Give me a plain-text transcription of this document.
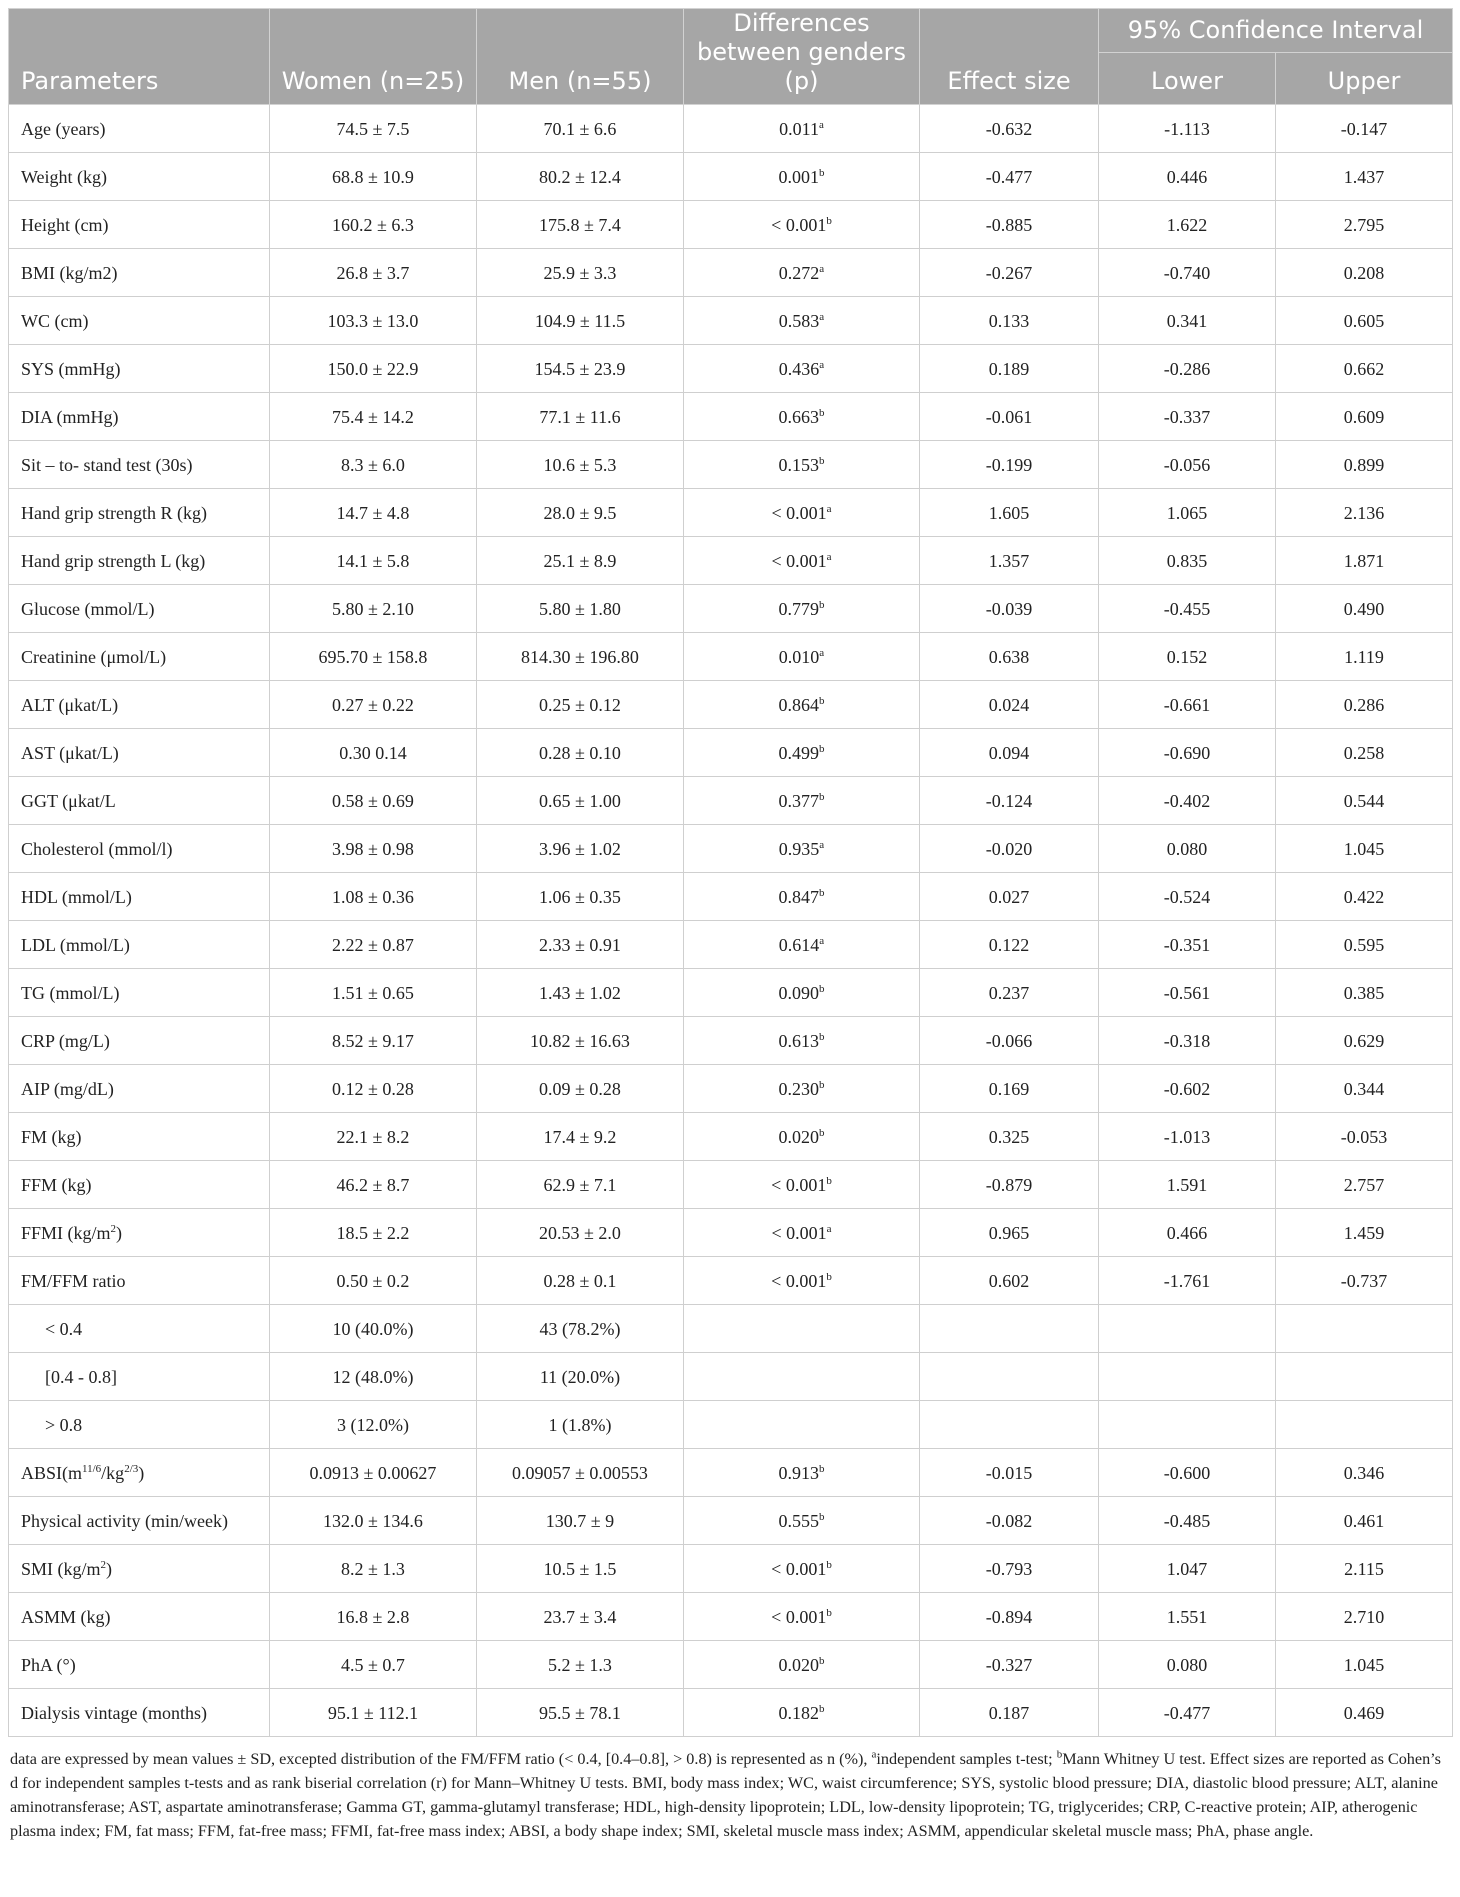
Parameters	Women (n=25)	Men (n=55)	Differences between genders (p)	Effect size	95% Confidence Interval	
					Lower	Upper
Age (years)	74.5 ± 7.5	70.1 ± 6.6	0.011$^a$	-0.632	-1.113	-0.147
Weight (kg)	68.8 ± 10.9	80.2 ± 12.4	0.001$^b$	-0.477	0.446	1.437
Height (cm)	160.2 ± 6.3	175.8 ± 7.4	< 0.001$^b$	-0.885	1.622	2.795
BMI (kg/m2)	26.8 ± 3.7	25.9 ± 3.3	0.272$^a$	-0.267	-0.740	0.208
WC (cm)	103.3 ± 13.0	104.9 ± 11.5	0.583$^a$	0.133	0.341	0.605
SYS (mmHg)	150.0 ± 22.9	154.5 ± 23.9	0.436$^a$	0.189	-0.286	0.662
DIA (mmHg)	75.4 ± 14.2	77.1 ± 11.6	0.663$^b$	-0.061	-0.337	0.609
Sit – to- stand test (30s)	8.3 ± 6.0	10.6 ± 5.3	0.153$^b$	-0.199	-0.056	0.899
Hand grip strength R (kg)	14.7 ± 4.8	28.0 ± 9.5	< 0.001$^a$	1.605	1.065	2.136
Hand grip strength L (kg)	14.1 ± 5.8	25.1 ± 8.9	< 0.001$^a$	1.357	0.835	1.871
Glucose (mmol/L)	5.80 ± 2.10	5.80 ± 1.80	0.779$^b$	-0.039	-0.455	0.490
Creatinine (μmol/L)	695.70 ± 158.8	814.30 ± 196.80	0.010$^a$	0.638	0.152	1.119
ALT (μkat/L)	0.27 ± 0.22	0.25 ± 0.12	0.864$^b$	0.024	-0.661	0.286
AST (μkat/L)	0.30 0.14	0.28 ± 0.10	0.499$^b$	0.094	-0.690	0.258
GGT (μkat/L	0.58 ± 0.69	0.65 ± 1.00	0.377$^b$	-0.124	-0.402	0.544
Cholesterol (mmol/l)	3.98 ± 0.98	3.96 ± 1.02	0.935$^a$	-0.020	0.080	1.045
HDL (mmol/L)	1.08 ± 0.36	1.06 ± 0.35	0.847$^b$	0.027	-0.524	0.422
LDL (mmol/L)	2.22 ± 0.87	2.33 ± 0.91	0.614$^a$	0.122	-0.351	0.595
TG (mmol/L)	1.51 ± 0.65	1.43 ± 1.02	0.090$^b$	0.237	-0.561	0.385
CRP (mg/L)	8.52 ± 9.17	10.82 ± 16.63	0.613$^b$	-0.066	-0.318	0.629
AIP (mg/dL)	0.12 ± 0.28	0.09 ± 0.28	0.230$^b$	0.169	-0.602	0.344
FM (kg)	22.1 ± 8.2	17.4 ± 9.2	0.020$^b$	0.325	-1.013	-0.053
FFM (kg)	46.2 ± 8.7	62.9 ± 7.1	< 0.001$^b$	-0.879	1.591	2.757
FFMI $(kg/m^2)$	18.5 ± 2.2	20.53 ± 2.0	< 0.001$^a$	0.965	0.466	1.459
FM/FFM ratio	0.50 ± 0.2	0.28 ± 0.1	< 0.001$^b$	0.602	-1.761	-0.737
< 0.4	10 (40.0%)	43 (78.2%)				
[0.4 - 0.8]	12 (48.0%)	11 (20.0%)				
> 0.8	3 (12.0%)	1 (1.8%)				
$ABSI(m^{11/6}/kg^{2/3})$	0.0913 ± 0.00627	0.09057 ± 0.00553	0.913$^b$	-0.015	-0.600	0.346
Physical activity (min/week)	132.0 ± 134.6	130.7 ± 9	0.555$^b$	-0.082	-0.485	0.461
SMI $(kg/m^2)$	8.2 ± 1.3	10.5 ± 1.5	< 0.001$^b$	-0.793	1.047	2.115
ASMM (kg)	16.8 ± 2.8	23.7 ± 3.4	< 0.001$^b$	-0.894	1.551	2.710
PhA (°)	4.5 ± 0.7	5.2 ± 1.3	0.020$^b$	-0.327	0.080	1.045
Dialysis vintage (months)	95.1 ± 112.1	95.5 ± 78.1	0.182$^b$	0.187	-0.477	0.469
data are expressed by mean values ± SD, excepted distribution of the FM/FFM ratio (< 0.4, [0.4–0.8], > 0.8) is represented as n (%), $^a$independent samples t-test; $^b$Mann Whitney U test. Effect sizes are reported as Cohen’s d for independent samples t-tests and as rank biserial correlation (r) for Mann–Whitney U tests. BMI, body mass index; WC, waist circumference; SYS, systolic blood pressure; DIA, diastolic blood pressure; ALT, alanine aminotransferase; AST, aspartate aminotransferase; Gamma GT, gamma-glutamyl transferase; HDL, high-density lipoprotein; LDL, low-density lipoprotein; TG, triglycerides; CRP, C-reactive protein; AIP, atherogenic plasma index; FM, fat mass; FFM, fat-free mass; FFMI, fat-free mass index; ABSI, a body shape index; SMI, skeletal muscle mass index; ASMM, appendicular skeletal muscle mass; PhA, phase angle.
